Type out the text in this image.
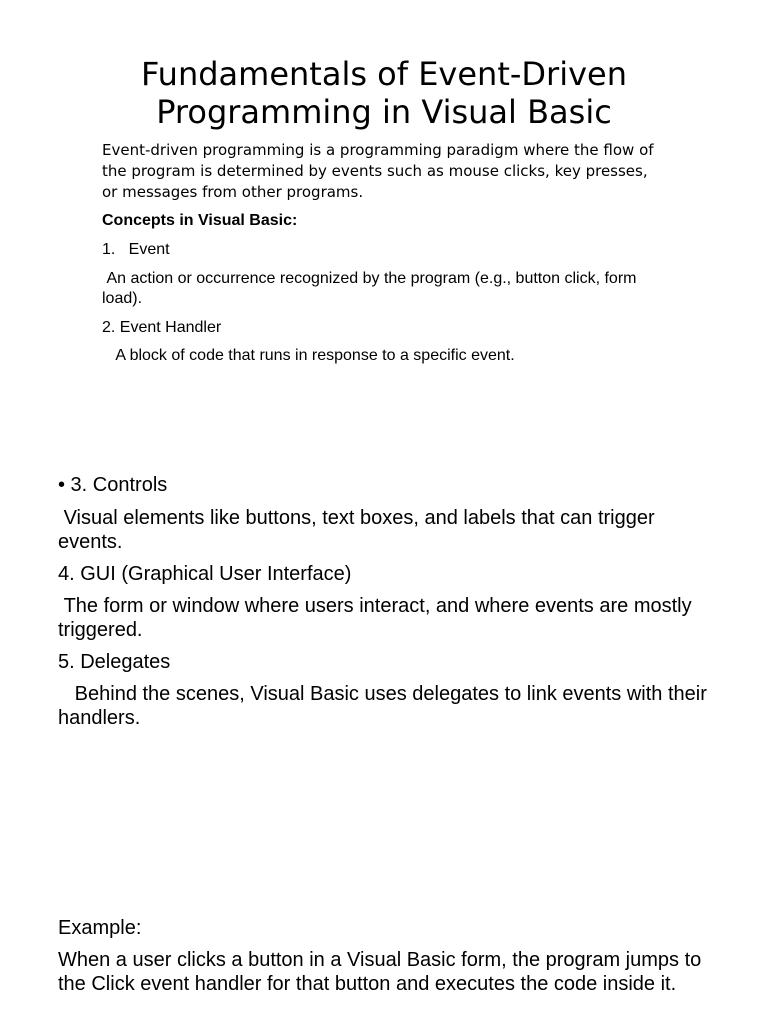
Fundamentals of Event-Driven
Programming in Visual Basic

Event-driven programming is a programming paradigm where the flow of the program is determined by events such as mouse clicks, key presses, or messages from other programs.

Concepts in Visual Basic:

1.   Event

An action or occurrence recognized by the program (e.g., button click, form load).

2. Event Handler

A block of code that runs in response to a specific event.

• 3. Controls

Visual elements like buttons, text boxes, and labels that can trigger events.

4. GUI (Graphical User Interface)

The form or window where users interact, and where events are mostly triggered.

5. Delegates

Behind the scenes, Visual Basic uses delegates to link events with their handlers.

Example:

When a user clicks a button in a Visual Basic form, the program jumps to the Click event handler for that button and executes the code inside it.
